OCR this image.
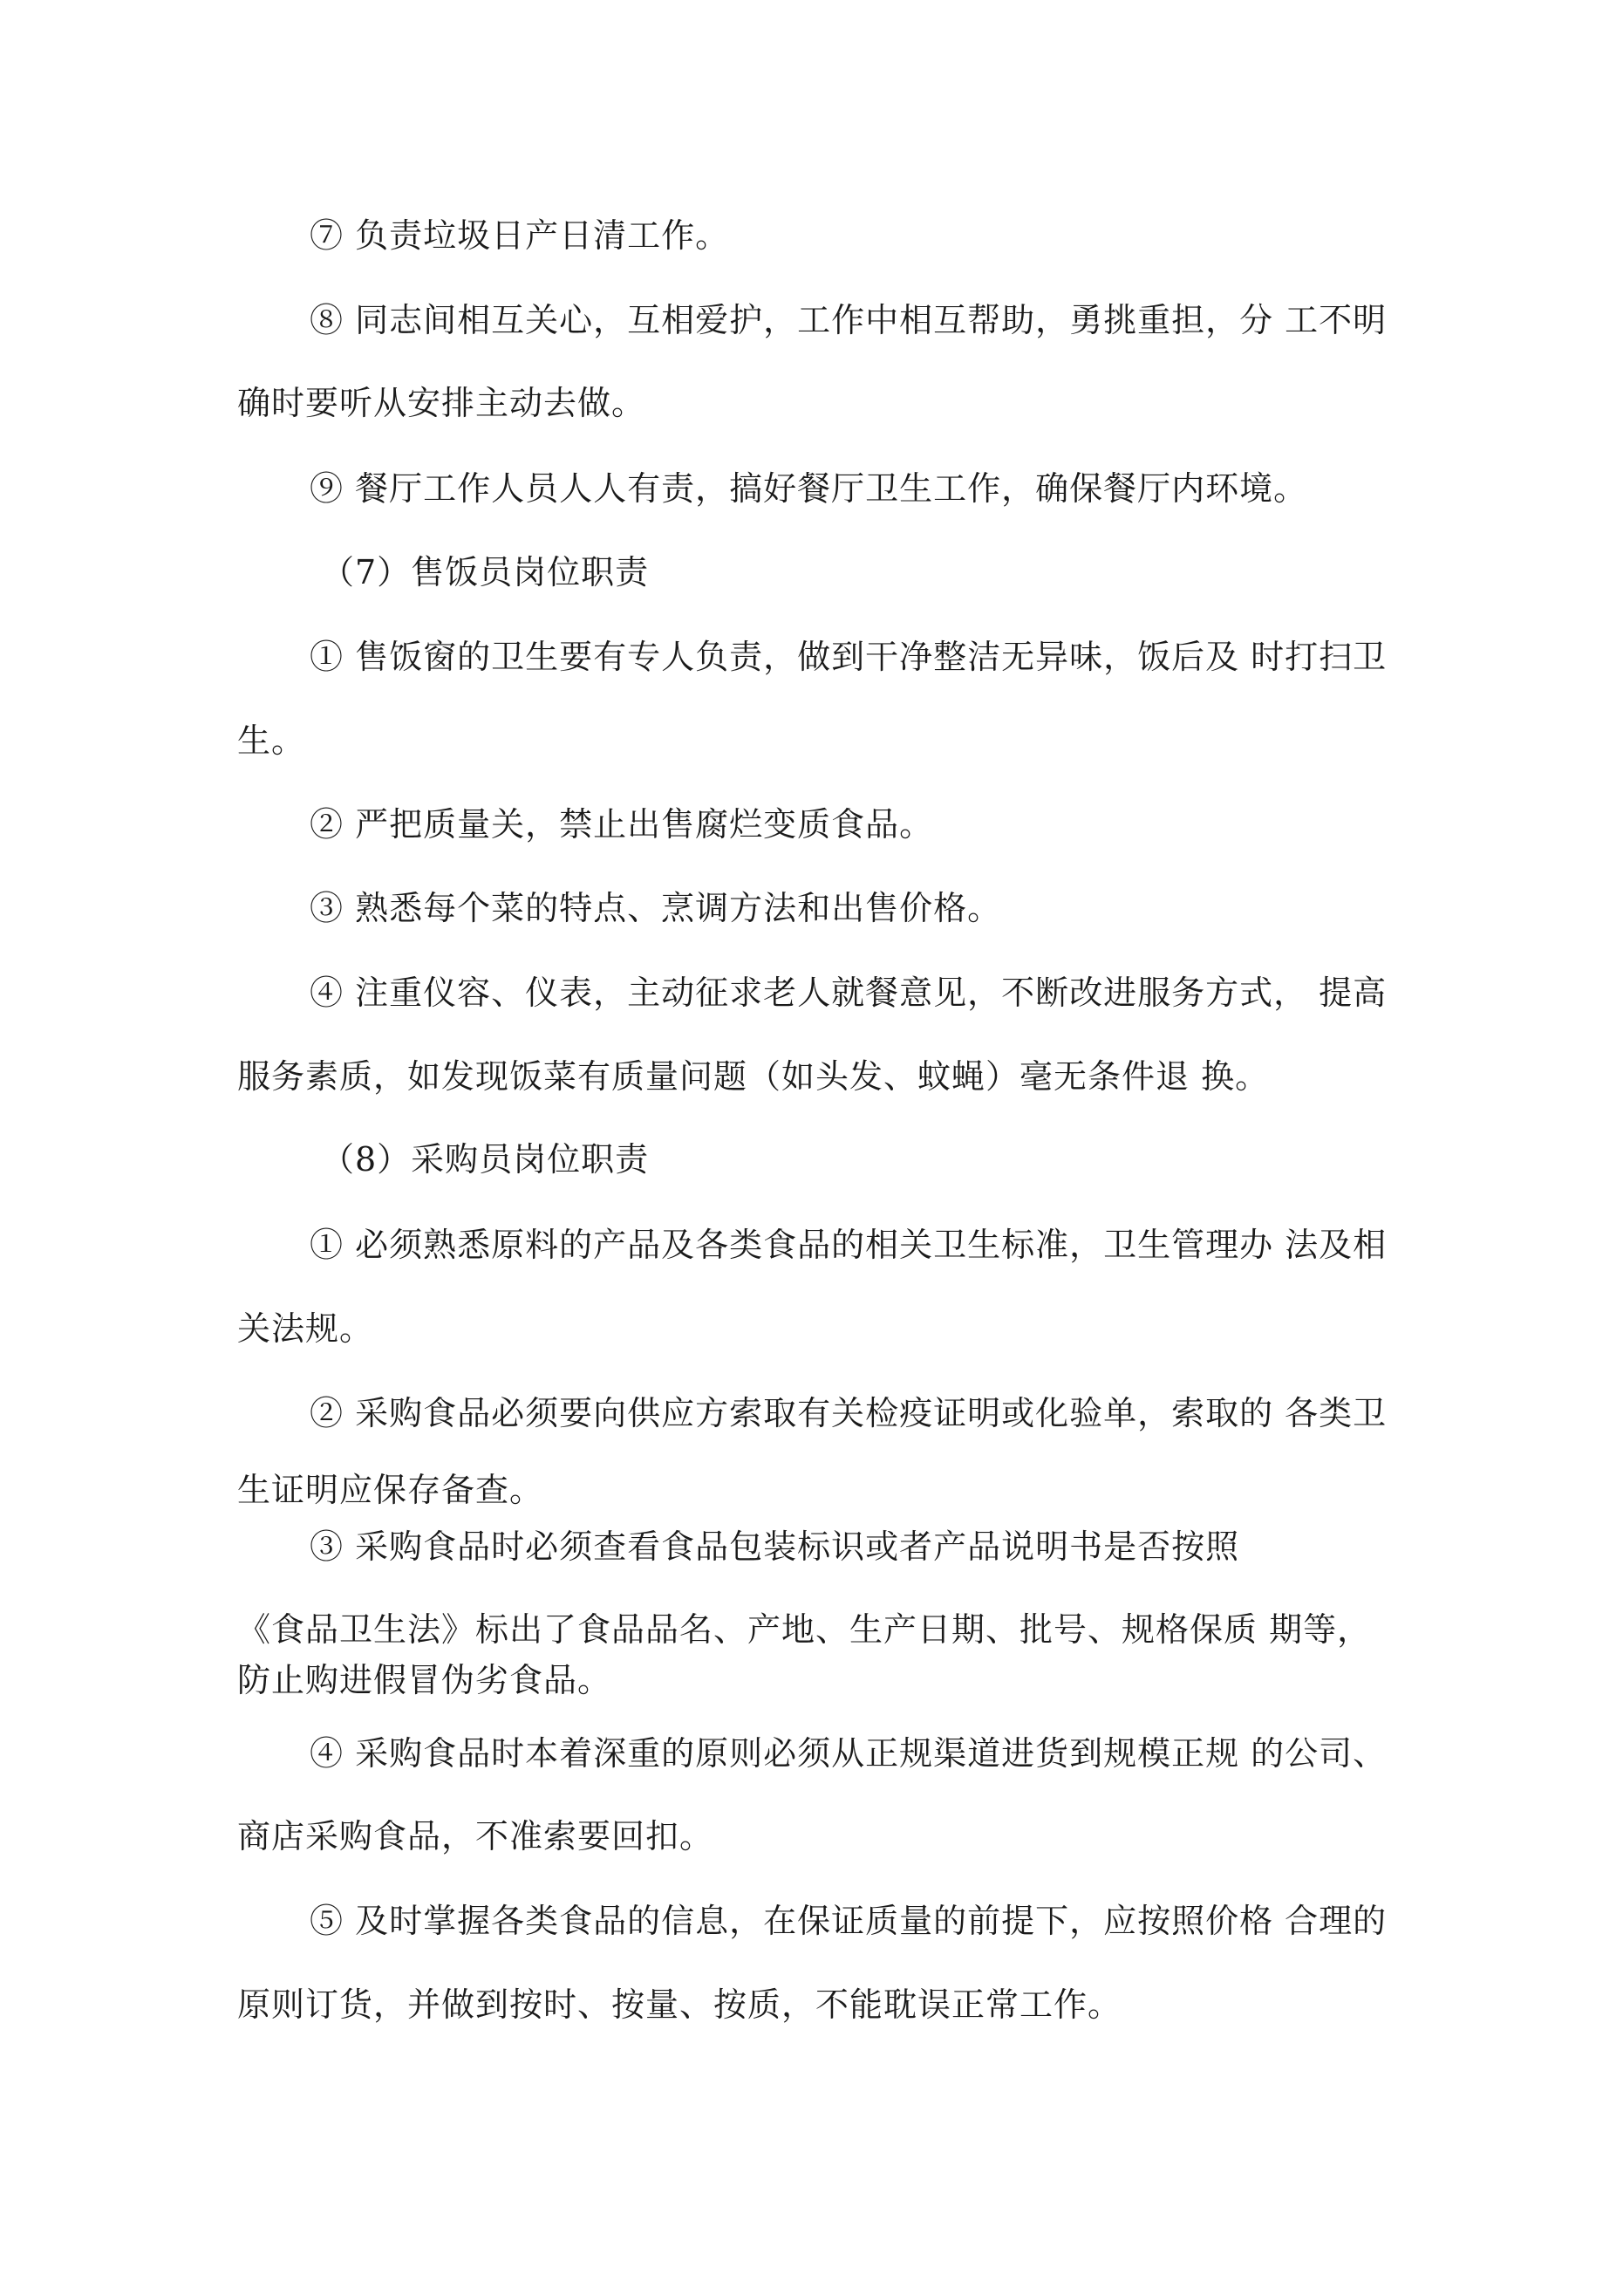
⑦ 负责垃圾日产日清工作。

⑧ 同志间相互关心，互相爱护，工作中相互帮助，勇挑重担，分 工不明

确时要听从安排主动去做。

⑨ 餐厅工作人员人人有责，搞好餐厅卫生工作，确保餐厅内环境。

（7）售饭员岗位职责

① 售饭窗的卫生要有专人负责，做到干净整洁无异味，饭后及 时打扫卫

生。

② 严把质量关，禁止出售腐烂变质食品。

③ 熟悉每个菜的特点、烹调方法和出售价格。

④ 注重仪容、仪表，主动征求老人就餐意见，不断改进服务方式， 提高

服务素质，如发现饭菜有质量问题（如头发、蚊蝇）毫无条件退 换。

（8）采购员岗位职责

① 必须熟悉原料的产品及各类食品的相关卫生标准，卫生管理办 法及相

关法规。

② 采购食品必须要向供应方索取有关检疫证明或化验单，索取的 各类卫

生证明应保存备查。

③ 采购食品时必须查看食品包装标识或者产品说明书是否按照

《食品卫生法》标出了食品品名、产地、生产日期、批号、规格保质 期等，

防止购进假冒伪劣食品。

④ 采购食品时本着深重的原则必须从正规渠道进货到规模正规 的公司、

商店采购食品，不准索要回扣。

⑤ 及时掌握各类食品的信息，在保证质量的前提下，应按照价格 合理的

原则订货，并做到按时、按量、按质，不能耽误正常工作。
